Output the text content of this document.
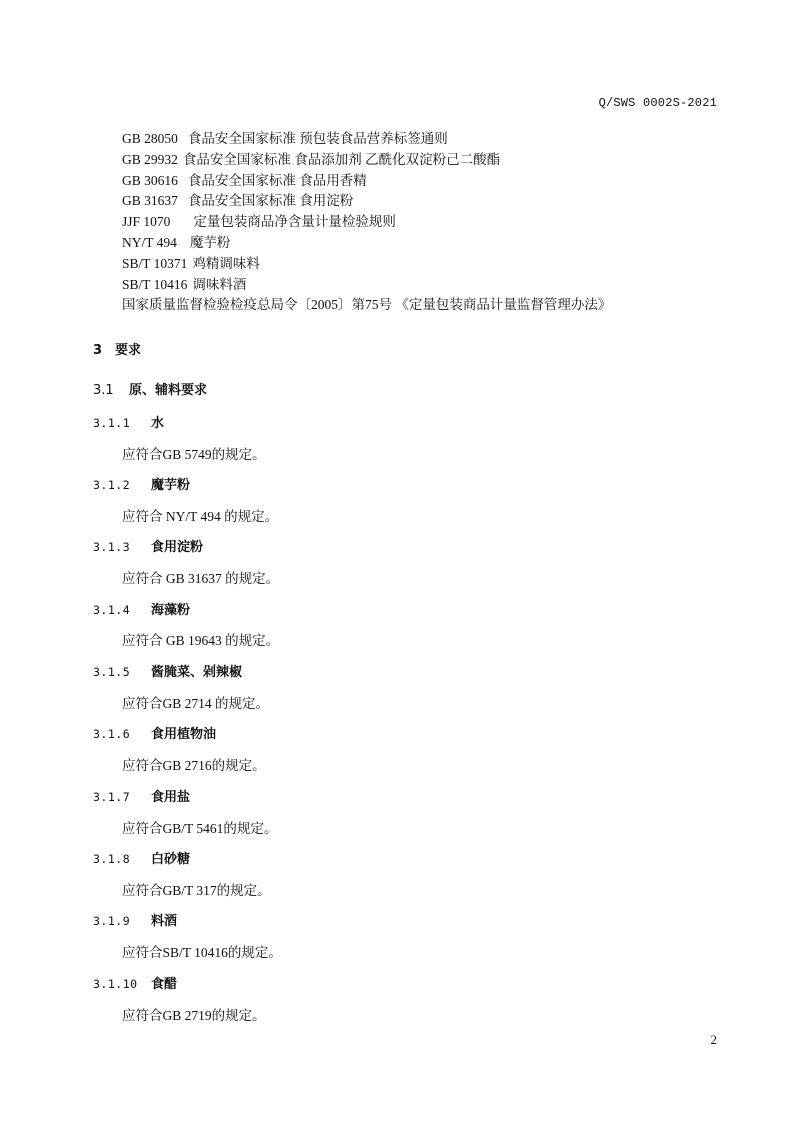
Q/SWS 0002S-2021
GB 28050 食品安全国家标准 预包装食品营养标签通则
GB 29932 食品安全国家标准 食品添加剂 乙酰化双淀粉己二酸酯
GB 30616 食品安全国家标准 食品用香精
GB 31637 食品安全国家标准 食用淀粉
JJF 1070 定量包装商品净含量计量检验规则
NY/T 494 魔芋粉
SB/T 10371 鸡精调味料
SB/T 10416 调味料酒
国家质量监督检验检疫总局令〔2005〕第75号 《定量包装商品计量监督管理办法》
3 要求
3.1 原、辅料要求
3.1.1 水
应符合GB 5749的规定。
3.1.2 魔芋粉
应符合 NY/T 494 的规定。
3.1.3 食用淀粉
应符合 GB 31637 的规定。
3.1.4 海藻粉
应符合 GB 19643 的规定。
3.1.5 酱腌菜、剁辣椒
应符合GB 2714 的规定。
3.1.6 食用植物油
应符合GB 2716的规定。
3.1.7 食用盐
应符合GB/T 5461的规定。
3.1.8 白砂糖
应符合GB/T 317的规定。
3.1.9 料酒
应符合SB/T 10416的规定。
3.1.10 食醋
应符合GB 2719的规定。
2
